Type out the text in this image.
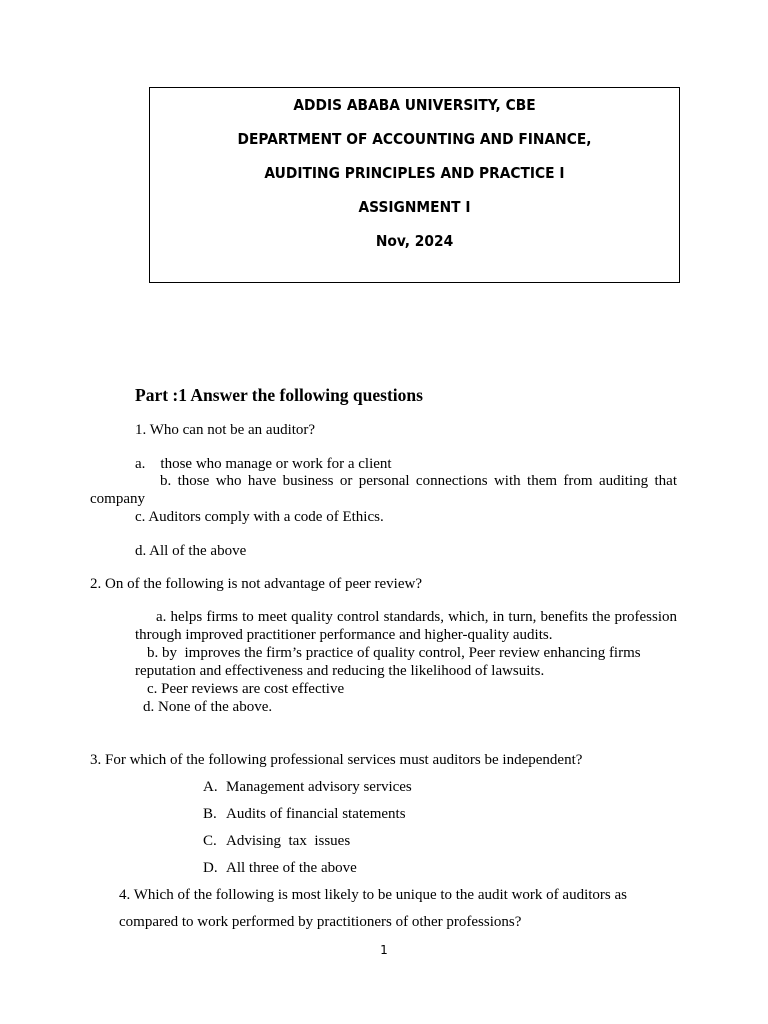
ADDIS ABABA UNIVERSITY, CBE
DEPARTMENT OF ACCOUNTING AND FINANCE,
AUDITING PRINCIPLES AND PRACTICE I
ASSIGNMENT I
Nov, 2024
Part :1 Answer the following questions
1. Who can not be an auditor?
a.    those who manage or work for a client
b. those who have business or personal connections with them from auditing that
company
c. Auditors comply with a code of Ethics.
d. All of the above
2. On of the following is not advantage of peer review?
a. helps firms to meet quality control standards, which, in turn, benefits the profession
through improved practitioner performance and higher-quality audits.
b. by  improves the firm’s practice of quality control, Peer review enhancing firms
reputation and effectiveness and reducing the likelihood of lawsuits.
c. Peer reviews are cost effective
d. None of the above.
3. For which of the following professional services must auditors be independent?
A. Management advisory services
B. Audits of financial statements
C. Advising  tax  issues
D. All three of the above
4. Which of the following is most likely to be unique to the audit work of auditors as
compared to work performed by practitioners of other professions?
1
